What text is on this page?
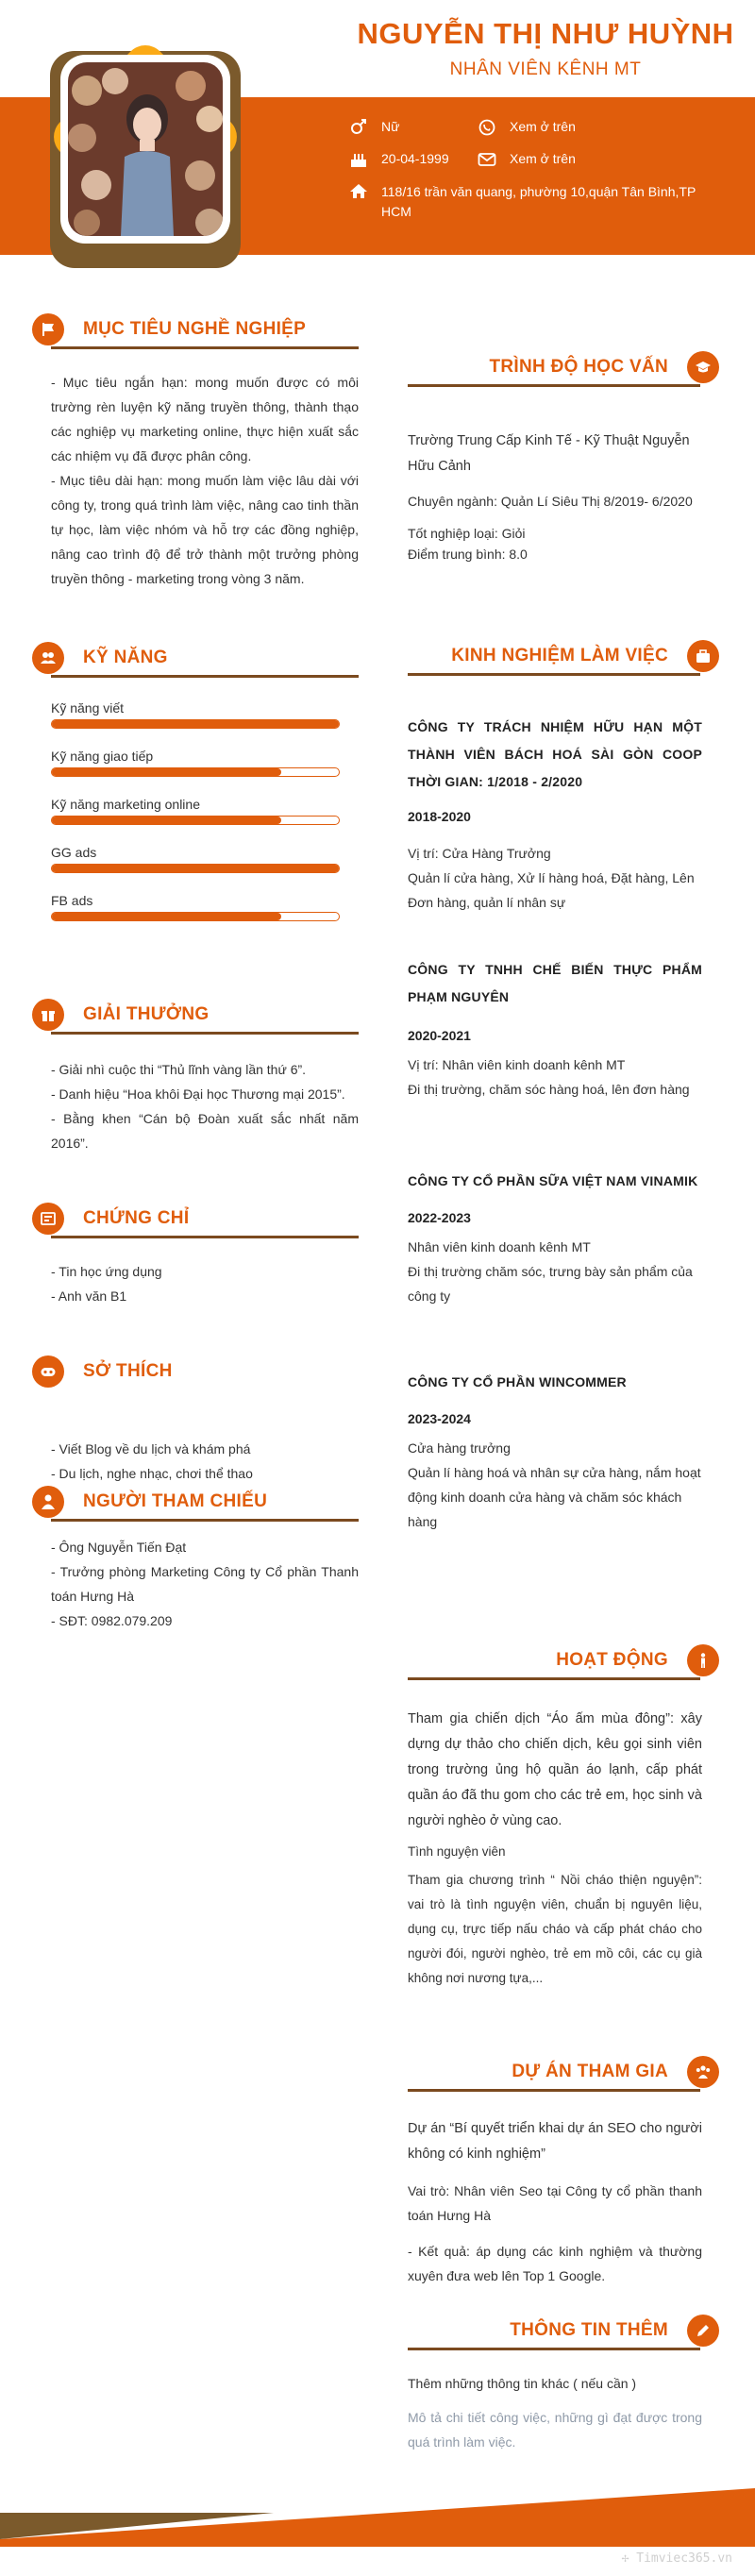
NGUYỄN THỊ NHƯ HUỲNH
NHÂN VIÊN KÊNH MT
Nữ	Xem ở trên
20-04-1999	Xem ở trên
118/16 trần văn quang, phường 10,quận Tân Bình,TP HCM
MỤC TIÊU NGHỀ NGHIỆP

- Mục tiêu ngắn hạn: mong muốn được có môi trường rèn luyện kỹ năng truyền thông, thành thạo các nghiệp vụ marketing online, thực hiện xuất sắc các nhiệm vụ đã được phân công.

- Mục tiêu dài hạn: mong muốn làm việc lâu dài với công ty, trong quá trình làm việc, nâng cao tinh thần tự học, làm việc nhóm và hỗ trợ các đồng nghiệp, nâng cao trình độ để trở thành một trưởng phòng truyền thông - marketing trong vòng 3 năm.

KỸ NĂNG
Kỹ năng viết
Kỹ năng giao tiếp
Kỹ năng marketing online
GG ads
FB ads
GIẢI THƯỞNG

- Giải nhì cuộc thi “Thủ lĩnh vàng lần thứ 6”.

- Danh hiệu “Hoa khôi Đại học Thương mại 2015”.

- Bằng khen “Cán bộ Đoàn xuất sắc nhất năm 2016”.

CHỨNG CHỈ

- Tin học ứng dụng

- Anh văn B1

SỞ THÍCH

- Viết Blog về du lịch và khám phá

- Du lịch, nghe nhạc, chơi thể thao

NGƯỜI THAM CHIẾU

- Ông Nguyễn Tiến Đạt

- Trưởng phòng Marketing Công ty Cổ phần Thanh toán Hưng Hà

- SĐT: 0982.079.209

TRÌNH ĐỘ HỌC VẤN

Trường Trung Cấp Kinh Tế - Kỹ Thuật Nguyễn Hữu Cảnh

Chuyên ngành: Quản Lí Siêu Thị 8/2019- 6/2020

Tốt nghiệp loại: Giỏi

Điểm trung bình: 8.0

KINH NGHIỆM LÀM VIỆC
CÔNG TY TRÁCH NHIỆM HỮU HẠN MỘT THÀNH VIÊN BÁCH HOÁ SÀI GÒN COOP THỜI GIAN: 1/2018 - 2/2020
2018-2020
Vị trí: Cửa Hàng Trưởng
Quản lí cửa hàng, Xử lí hàng hoá, Đặt hàng, Lên Đơn hàng, quản lí nhân sự
CÔNG TY TNHH CHẾ BIẾN THỰC PHẨM PHẠM NGUYÊN
2020-2021
Vị trí: Nhân viên kinh doanh kênh MT
Đi thị trường, chăm sóc hàng hoá, lên đơn hàng
CÔNG TY CỔ PHẦN SỮA VIỆT NAM VINAMIK
2022-2023
Nhân viên kinh doanh kênh MT
Đi thị trường chăm sóc, trưng bày sản phẩm của công ty
CÔNG TY CỔ PHẦN WINCOMMER
2023-2024
Cửa hàng trưởng
Quản lí hàng hoá và nhân sự cửa hàng, nắm hoạt động kinh doanh cửa hàng và chăm sóc khách hàng
HOẠT ĐỘNG

Tham gia chiến dịch “Áo ấm mùa đông”: xây dựng dự thảo cho chiến dịch, kêu gọi sinh viên trong trường ủng hộ quần áo lạnh, cấp phát quần áo đã thu gom cho các trẻ em, học sinh và người nghèo ở vùng cao.

Tình nguyện viên

Tham gia chương trình “ Nồi cháo thiện nguyện”: vai trò là tình nguyện viên, chuẩn bị nguyên liệu, dụng cụ, trực tiếp nấu cháo và cấp phát cháo cho người đói, người nghèo, trẻ em mồ côi, các cụ già không nơi nương tựa,...

DỰ ÁN THAM GIA

Dự án “Bí quyết triển khai dự án SEO cho người không có kinh nghiệm”

Vai trò: Nhân viên Seo tại Công ty cổ phần thanh toán Hưng Hà

- Kết quả: áp dụng các kinh nghiệm và thường xuyên đưa web lên Top 1 Google.

THÔNG TIN THÊM

Thêm những thông tin khác ( nếu cần )

Mô tả chi tiết công việc, những gì đạt được trong quá trình làm việc.

✢ Timviec365.vn
